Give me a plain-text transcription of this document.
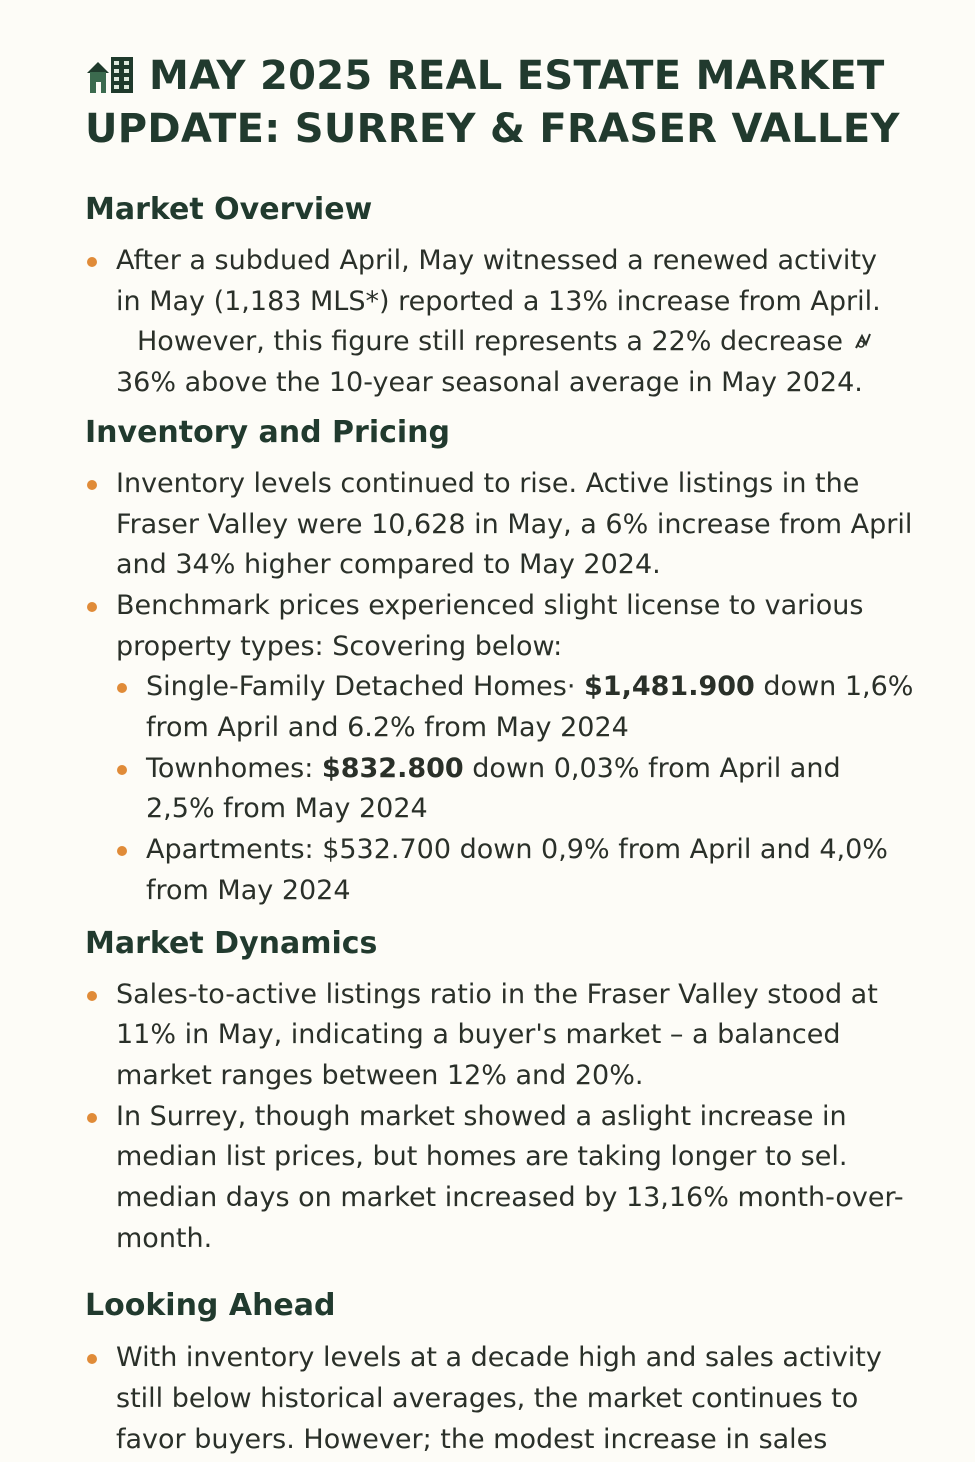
MAY 2025 REAL ESTATE MARKET UPDATE: SURREY & FRASER VALLEY
Market Overview
After a subdued April, May witnessed a renewed activity
in May (1,183 MLS*) reported a 13% increase from April.
However, this figure still represents a 22% decrease
36% above the 10-year seasonal average in May 2024.
Inventory and Pricing
Inventory levels continued to rise. Active listings in the Fraser Valley were 10,628 in May, a 6% increase from April and 34% higher compared to May 2024.
Benchmark prices experienced slight license to various property types: Scovering below:
Single-Family Detached Homes· $1,481.900 down 1,6% from April and 6.2% from May 2024
Townhomes: $832.800 down 0,03% from April and 2,5% from May 2024
Apartments: $532.700 down 0,9% from April and 4,0% from May 2024
Market Dynamics
Sales-to-active listings ratio in the Fraser Valley stood at 11% in May, indicating a buyer's market – a balanced market ranges between 12% and 20%.
In Surrey, though market showed a aslight increase in median list prices, but homes are taking longer to sel. median days on market increased by 13,16% month-over-month.
Looking Ahead
With inventory levels at a decade high and sales activity still below historical averages, the market continues to favor buyers. However; the modest increase in sales
